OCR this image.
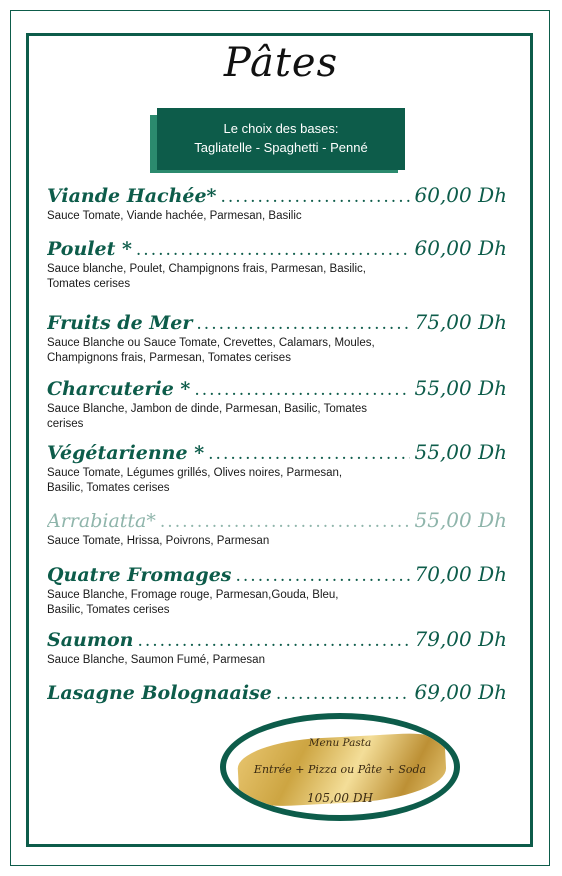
Pâtes
Le choix des bases:
Tagliatelle - Spaghetti - Penné
Viande Hachée* .....	60,00 Dh
Sauce Tomate, Viande hachée, Parmesan, Basilic
Poulet * .....	60,00 Dh
Sauce blanche, Poulet, Champignons frais, Parmesan, Basilic, Tomates cerises
Fruits de Mer .....	75,00 Dh
Sauce Blanche ou Sauce Tomate, Crevettes, Calamars, Moules, Champignons frais, Parmesan, Tomates cerises
Charcuterie * .....	55,00 Dh
Sauce Blanche, Jambon de dinde, Parmesan, Basilic, Tomates cerises
Végétarienne * .....	55,00 Dh
Sauce Tomate, Légumes grillés, Olives noires, Parmesan, Basilic, Tomates cerises
Arrabiatta* .....	55,00 Dh
Sauce Tomate, Hrissa, Poivrons, Parmesan
Quatre Fromages .....	70,00 Dh
Sauce Blanche, Fromage rouge, Parmesan,Gouda, Bleu, Basilic, Tomates cerises
Saumon .....	79,00 Dh
Sauce Blanche, Saumon Fumé, Parmesan
Lasagne Bolognaaise .....	69,00 Dh
Menu Pasta
Entrée + Pizza ou Pâte + Soda
105,00 DH
